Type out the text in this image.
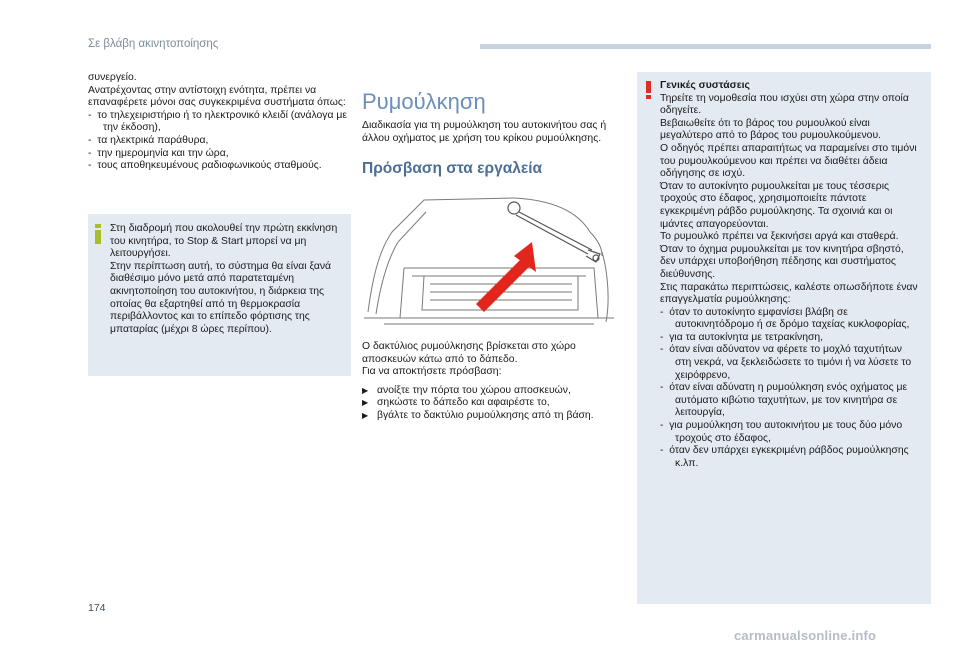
Σε βλάβη ακινητοποίησης

συνεργείο.

Ανατρέχοντας στην αντίστοιχη ενότητα, πρέπει να επαναφέρετε μόνοι σας συγκεκριμένα συστήματα όπως:

-  το τηλεχειριστήριο ή το ηλεκτρονικό κλειδί (ανάλογα με την έκδοση),

-  τα ηλεκτρικά παράθυρα,

-  την ημερομηνία και την ώρα,

-  τους αποθηκευμένους ραδιοφωνικούς σταθμούς.

Στη διαδρομή που ακολουθεί την πρώτη εκκίνηση του κινητήρα, το Stop & Start μπορεί να μη λειτουργήσει.

Στην περίπτωση αυτή, το σύστημα θα είναι ξανά διαθέσιμο μόνο μετά από παρατεταμένη ακινητοποίηση του αυτοκινήτου, η διάρκεια της οποίας θα εξαρτηθεί από τη θερμοκρασία περιβάλλοντος και το επίπεδο φόρτισης της μπαταρίας (μέχρι 8 ώρες περίπου).

Ρυμούλκηση
Διαδικασία για τη ρυμούλκηση του αυτοκινήτου σας ή άλλου οχήματος με χρήση του κρίκου ρυμούλκησης.
Πρόσβαση στα εργαλεία

Ο δακτύλιος ρυμούλκησης βρίσκεται στο χώρο αποσκευών κάτω από το δάπεδο.

Για να αποκτήσετε πρόσβαση:

▶ ανοίξτε την πόρτα του χώρου αποσκευών,

▶ σηκώστε το δάπεδο και αφαιρέστε το,

▶ βγάλτε το δακτύλιο ρυμούλκησης από τη βάση.

Γενικές συστάσεις

Τηρείτε τη νομοθεσία που ισχύει στη χώρα στην οποία οδηγείτε.

Βεβαιωθείτε ότι το βάρος του ρυμουλκού είναι μεγαλύτερο από το βάρος του ρυμουλκούμενου.

Ο οδηγός πρέπει απαραιτήτως να παραμείνει στο τιμόνι του ρυμουλκούμενου και πρέπει να διαθέτει άδεια οδήγησης σε ισχύ.

Όταν το αυτοκίνητο ρυμουλκείται με τους τέσσερις τροχούς στο έδαφος, χρησιμοποιείτε πάντοτε εγκεκριμένη ράβδο ρυμούλκησης. Τα σχοινιά και οι ιμάντες απαγορεύονται.

Το ρυμουλκό πρέπει να ξεκινήσει αργά και σταθερά.

Όταν το όχημα ρυμουλκείται με τον κινητήρα σβηστό, δεν υπάρχει υποβοήθηση πέδησης και συστήματος διεύθυνσης.

Στις παρακάτω περιπτώσεις, καλέστε οπωσδήποτε έναν επαγγελματία ρυμούλκησης:

-  όταν το αυτοκίνητο εμφανίσει βλάβη σε αυτοκινητόδρομο ή σε δρόμο ταχείας κυκλοφορίας,

-  για τα αυτοκίνητα με τετρακίνηση,

-  όταν είναι αδύνατον να φέρετε το μοχλό ταχυτήτων στη νεκρά, να ξεκλειδώσετε το τιμόνι ή να λύσετε το χειρόφρενο,

-  όταν είναι αδύνατη η ρυμούλκηση ενός οχήματος με αυτόματο κιβώτιο ταχυτήτων, με τον κινητήρα σε λειτουργία,

-  για ρυμούλκηση του αυτοκινήτου με τους δύο μόνο τροχούς στο έδαφος,

-  όταν δεν υπάρχει εγκεκριμένη ράβδος ρυμούλκησης κ.λπ.

174
carmanualsonline.info
